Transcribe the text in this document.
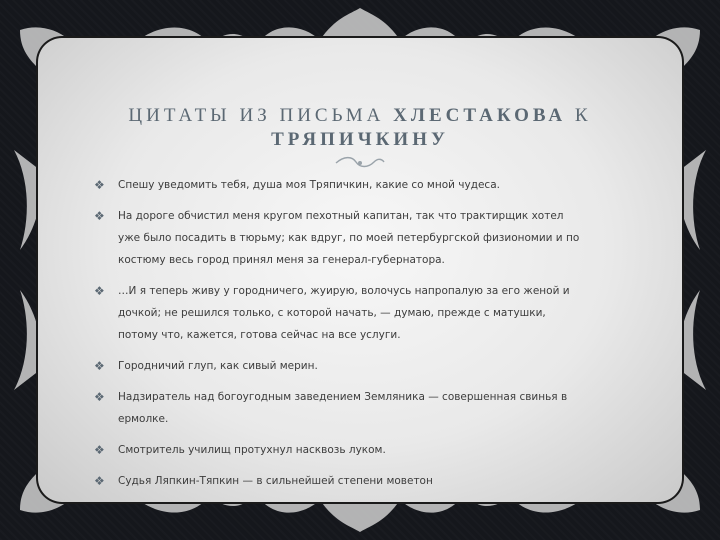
ЦИТАТЫ ИЗ ПИСЬМА ХЛЕСТАКОВА К
ТРЯПИЧКИНУ
❖ Спешу уведомить тебя, душа моя Тряпичкин, какие со мной чудеса.
❖ На дороге обчистил меня кругом пехотный капитан, так что трактирщик хотел уже было посадить в тюрьму; как вдруг, по моей петербургской физиономии и по костюму весь город принял меня за генерал-губернатора.
❖ …И я теперь живу у городничего, жуирую, волочусь напропалую за его женой и дочкой; не решился только, с которой начать, — думаю, прежде с матушки, потому что, кажется, готова сейчас на все услуги.
❖ Городничий глуп, как сивый мерин.
❖ Надзиратель над богоугодным заведением Земляника — совершенная свинья в ермолке.
❖ Смотритель училищ протухнул насквозь луком.
❖ Судья Ляпкин-Тяпкин — в сильнейшей степени моветон
